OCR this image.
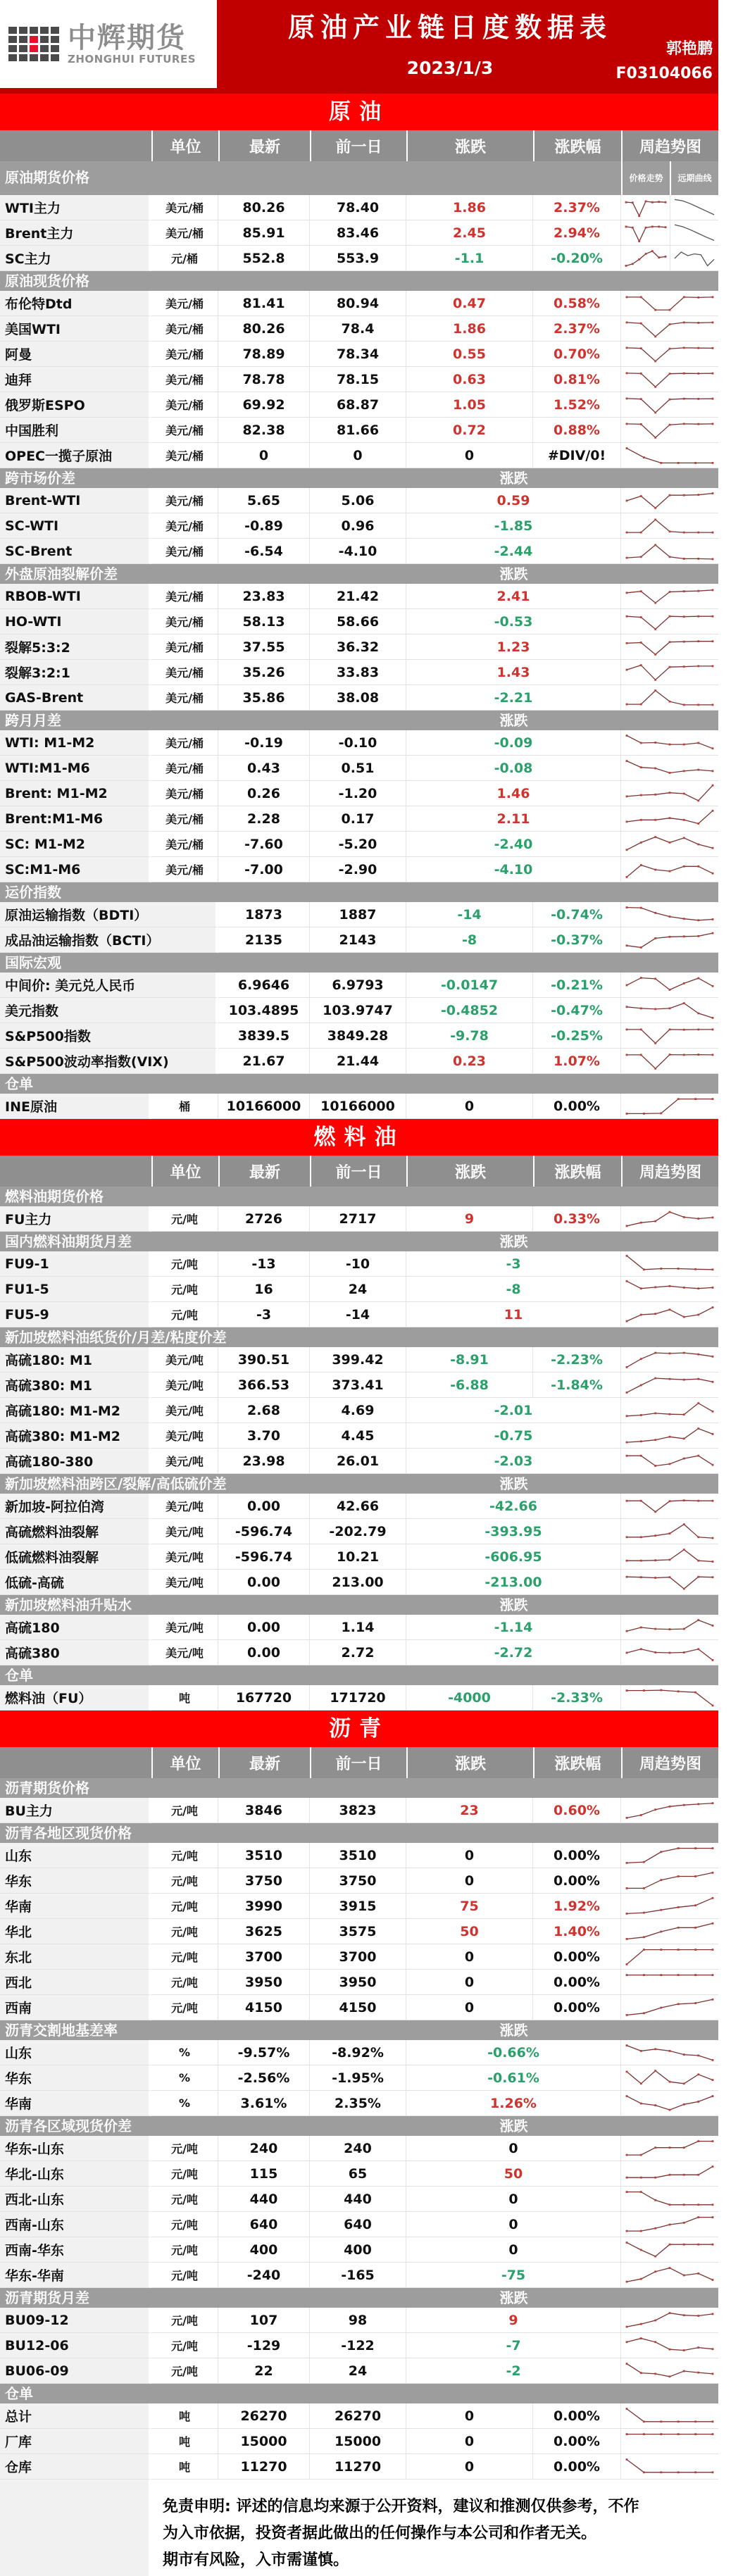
中辉期货
ZHONGHUI FUTURES
原油产业链日度数据表
2023/1/3
郭艳鹏
F03104066
原油
单位	最新	前一日	涨跌	涨跌幅	周趋势图
原油期货价格	价格走势	远期曲线
WTI主力	美元/桶	80.26	78.40	1.86	2.37%
Brent主力	美元/桶	85.91	83.46	2.45	2.94%
SC主力	元/桶	552.8	553.9	-1.1	-0.20%
原油现货价格
布伦特Dtd	美元/桶	81.41	80.94	0.47	0.58%
美国WTI	美元/桶	80.26	78.4	1.86	2.37%
阿曼	美元/桶	78.89	78.34	0.55	0.70%
迪拜	美元/桶	78.78	78.15	0.63	0.81%
俄罗斯ESPO	美元/桶	69.92	68.87	1.05	1.52%
中国胜利	美元/桶	82.38	81.66	0.72	0.88%
OPEC一揽子原油	美元/桶	0	0	0	#DIV/0!
跨市场价差	涨跌
Brent-WTI	美元/桶	5.65	5.06	0.59
SC-WTI	美元/桶	-0.89	0.96	-1.85
SC-Brent	美元/桶	-6.54	-4.10	-2.44
外盘原油裂解价差	涨跌
RBOB-WTI	美元/桶	23.83	21.42	2.41
HO-WTI	美元/桶	58.13	58.66	-0.53
裂解5:3:2	美元/桶	37.55	36.32	1.23
裂解3:2:1	美元/桶	35.26	33.83	1.43
GAS-Brent	美元/桶	35.86	38.08	-2.21
跨月月差	涨跌
WTI: M1-M2	美元/桶	-0.19	-0.10	-0.09
WTI:M1-M6	美元/桶	0.43	0.51	-0.08
Brent: M1-M2	美元/桶	0.26	-1.20	1.46
Brent:M1-M6	美元/桶	2.28	0.17	2.11
SC: M1-M2	美元/桶	-7.60	-5.20	-2.40
SC:M1-M6	美元/桶	-7.00	-2.90	-4.10
运价指数
原油运输指数（BDTI）	1873	1887	-14	-0.74%
成品油运输指数（BCTI）	2135	2143	-8	-0.37%
国际宏观
中间价: 美元兑人民币	6.9646	6.9793	-0.0147	-0.21%
美元指数	103.4895	103.9747	-0.4852	-0.47%
S&P500指数	3839.5	3849.28	-9.78	-0.25%
S&P500波动率指数(VIX)	21.67	21.44	0.23	1.07%
仓单
INE原油	桶	10166000	10166000	0	0.00%
燃料油
单位	最新	前一日	涨跌	涨跌幅	周趋势图
燃料油期货价格
FU主力	元/吨	2726	2717	9	0.33%
国内燃料油期货月差	涨跌
FU9-1	元/吨	-13	-10	-3
FU1-5	元/吨	16	24	-8
FU5-9	元/吨	-3	-14	11
新加坡燃料油纸货价/月差/粘度价差
高硫180: M1	美元/吨	390.51	399.42	-8.91	-2.23%
高硫380: M1	美元/吨	366.53	373.41	-6.88	-1.84%
高硫180: M1-M2	美元/吨	2.68	4.69	-2.01
高硫380: M1-M2	美元/吨	3.70	4.45	-0.75
高硫180-380	美元/吨	23.98	26.01	-2.03
新加坡燃料油跨区/裂解/高低硫价差	涨跌
新加坡-阿拉伯湾	美元/吨	0.00	42.66	-42.66
高硫燃料油裂解	美元/吨	-596.74	-202.79	-393.95
低硫燃料油裂解	美元/吨	-596.74	10.21	-606.95
低硫-高硫	美元/吨	0.00	213.00	-213.00
新加坡燃料油升贴水	涨跌
高硫180	美元/吨	0.00	1.14	-1.14
高硫380	美元/吨	0.00	2.72	-2.72
仓单
燃料油（FU）	吨	167720	171720	-4000	-2.33%
沥青
单位	最新	前一日	涨跌	涨跌幅	周趋势图
沥青期货价格
BU主力	元/吨	3846	3823	23	0.60%
沥青各地区现货价格
山东	元/吨	3510	3510	0	0.00%
华东	元/吨	3750	3750	0	0.00%
华南	元/吨	3990	3915	75	1.92%
华北	元/吨	3625	3575	50	1.40%
东北	元/吨	3700	3700	0	0.00%
西北	元/吨	3950	3950	0	0.00%
西南	元/吨	4150	4150	0	0.00%
沥青交割地基差率	涨跌
山东	%	-9.57%	-8.92%	-0.66%
华东	%	-2.56%	-1.95%	-0.61%
华南	%	3.61%	2.35%	1.26%
沥青各区域现货价差	涨跌
华东-山东	元/吨	240	240	0
华北-山东	元/吨	115	65	50
西北-山东	元/吨	440	440	0
西南-山东	元/吨	640	640	0
西南-华东	元/吨	400	400	0
华东-华南	元/吨	-240	-165	-75
沥青期货月差	涨跌
BU09-12	元/吨	107	98	9
BU12-06	元/吨	-129	-122	-7
BU06-09	元/吨	22	24	-2
仓单
总计	吨	26270	26270	0	0.00%
厂库	吨	15000	15000	0	0.00%
仓库	吨	11270	11270	0	0.00%
免责申明: 评述的信息均来源于公开资料，建议和推测仅供参考，不作
为入市依据，投资者据此做出的任何操作与本公司和作者无关。
期市有风险，入市需谨慎。
